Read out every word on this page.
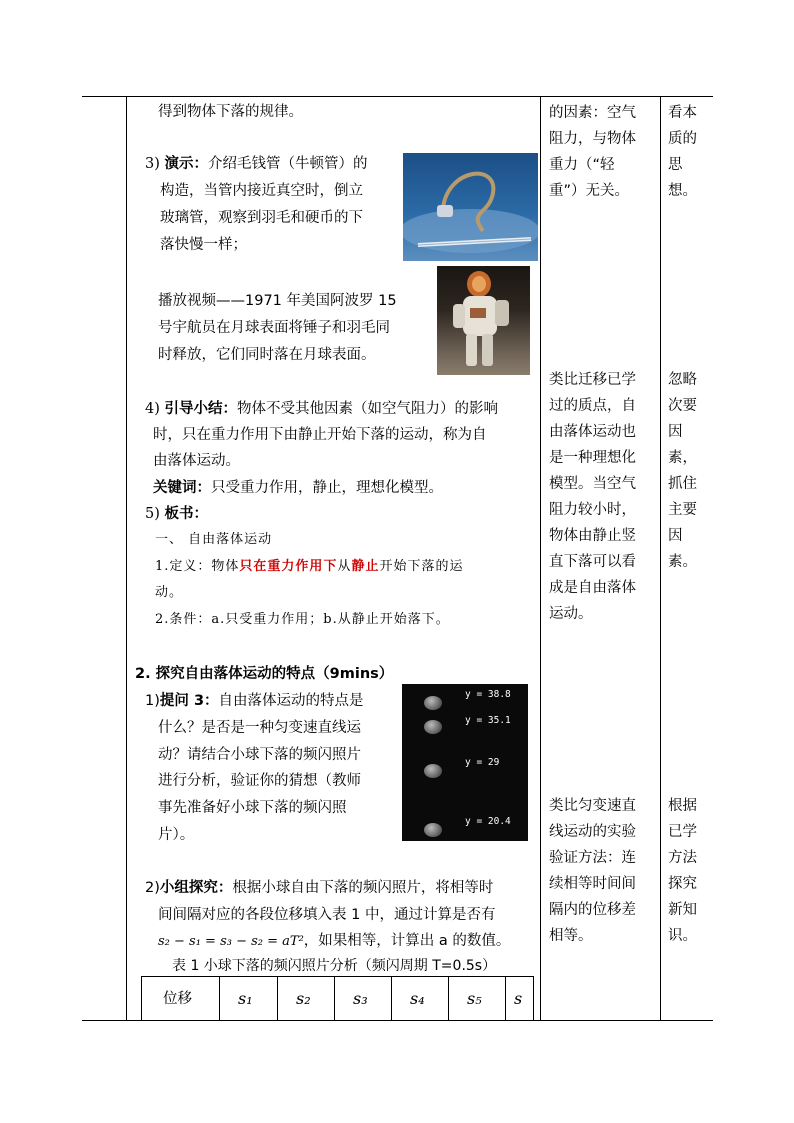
得到物体下落的规律。
3) 演示：介绍毛钱管（牛顿管）的
构造，当管内接近真空时，倒立
玻璃管，观察到羽毛和硬币的下
落快慢一样；
播放视频——1971 年美国阿波罗 15
号宇航员在月球表面将锤子和羽毛同
时释放，它们同时落在月球表面。
4) 引导小结：物体不受其他因素（如空气阻力）的影响
时，只在重力作用下由静止开始下落的运动，称为自
由落体运动。
关键词：只受重力作用，静止，理想化模型。
5) 板书：
一、 自由落体运动
1.定义：物体只在重力作用下从静止开始下落的运
动。
2.条件：a.只受重力作用；b.从静止开始落下。
2. 探究自由落体运动的特点（9mins）
1)提问 3：自由落体运动的特点是
什么？是否是一种匀变速直线运
动？请结合小球下落的频闪照片
进行分析，验证你的猜想（教师
事先准备好小球下落的频闪照
片）。
y = 38.8
y = 35.1
y = 29
y = 20.4
2)小组探究：根据小球自由下落的频闪照片，将相等时
间间隔对应的各段位移填入表 1 中，通过计算是否有
s₂ − s₁ = s₃ − s₂ = aT²，如果相等，计算出 a 的数值。
表 1 小球下落的频闪照片分析（频闪周期 T=0.5s）
位移	s₁	s₂	s₃	s₄	s₅ s
的因素：空气
阻力，与物体
重力（“轻
重”）无关。
类比迁移已学
过的质点，自
由落体运动也
是一种理想化
模型。当空气
阻力较小时，
物体由静止竖
直下落可以看
成是自由落体
运动。
类比匀变速直
线运动的实验
验证方法：连
续相等时间间
隔内的位移差
相等。
看本
质的
思
想。
忽略
次要
因
素，
抓住
主要
因
素。
根据
已学
方法
探究
新知
识。
